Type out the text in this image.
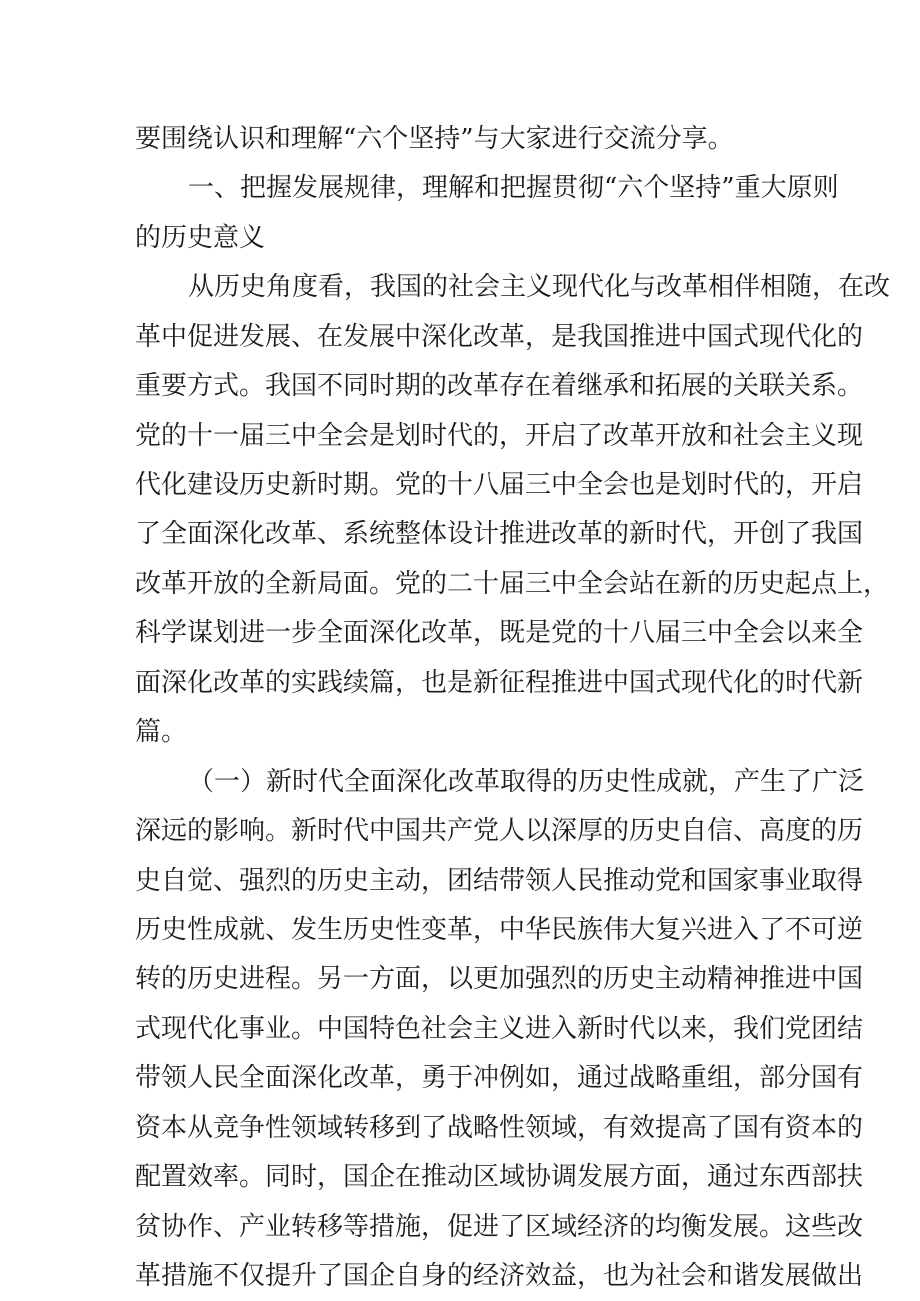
要围绕认识和理解“六个坚持”与大家进行交流分享。
一、把握发展规律，理解和把握贯彻“六个坚持”重大原则
的历史意义
从历史角度看，我国的社会主义现代化与改革相伴相随，在改
革中促进发展、在发展中深化改革，是我国推进中国式现代化的
重要方式。我国不同时期的改革存在着继承和拓展的关联关系。
党的十一届三中全会是划时代的，开启了改革开放和社会主义现
代化建设历史新时期。党的十八届三中全会也是划时代的，开启
了全面深化改革、系统整体设计推进改革的新时代，开创了我国
改革开放的全新局面。党的二十届三中全会站在新的历史起点上，
科学谋划进一步全面深化改革，既是党的十八届三中全会以来全
面深化改革的实践续篇，也是新征程推进中国式现代化的时代新
篇。
（一）新时代全面深化改革取得的历史性成就，产生了广泛
深远的影响。新时代中国共产党人以深厚的历史自信、高度的历
史自觉、强烈的历史主动，团结带领人民推动党和国家事业取得
历史性成就、发生历史性变革，中华民族伟大复兴进入了不可逆
转的历史进程。另一方面，以更加强烈的历史主动精神推进中国
式现代化事业。中国特色社会主义进入新时代以来，我们党团结
带领人民全面深化改革，勇于冲例如，通过战略重组，部分国有
资本从竞争性领域转移到了战略性领域，有效提高了国有资本的
配置效率。同时，国企在推动区域协调发展方面，通过东西部扶
贫协作、产业转移等措施，促进了区域经济的均衡发展。这些改
革措施不仅提升了国企自身的经济效益，也为社会和谐发展做出
